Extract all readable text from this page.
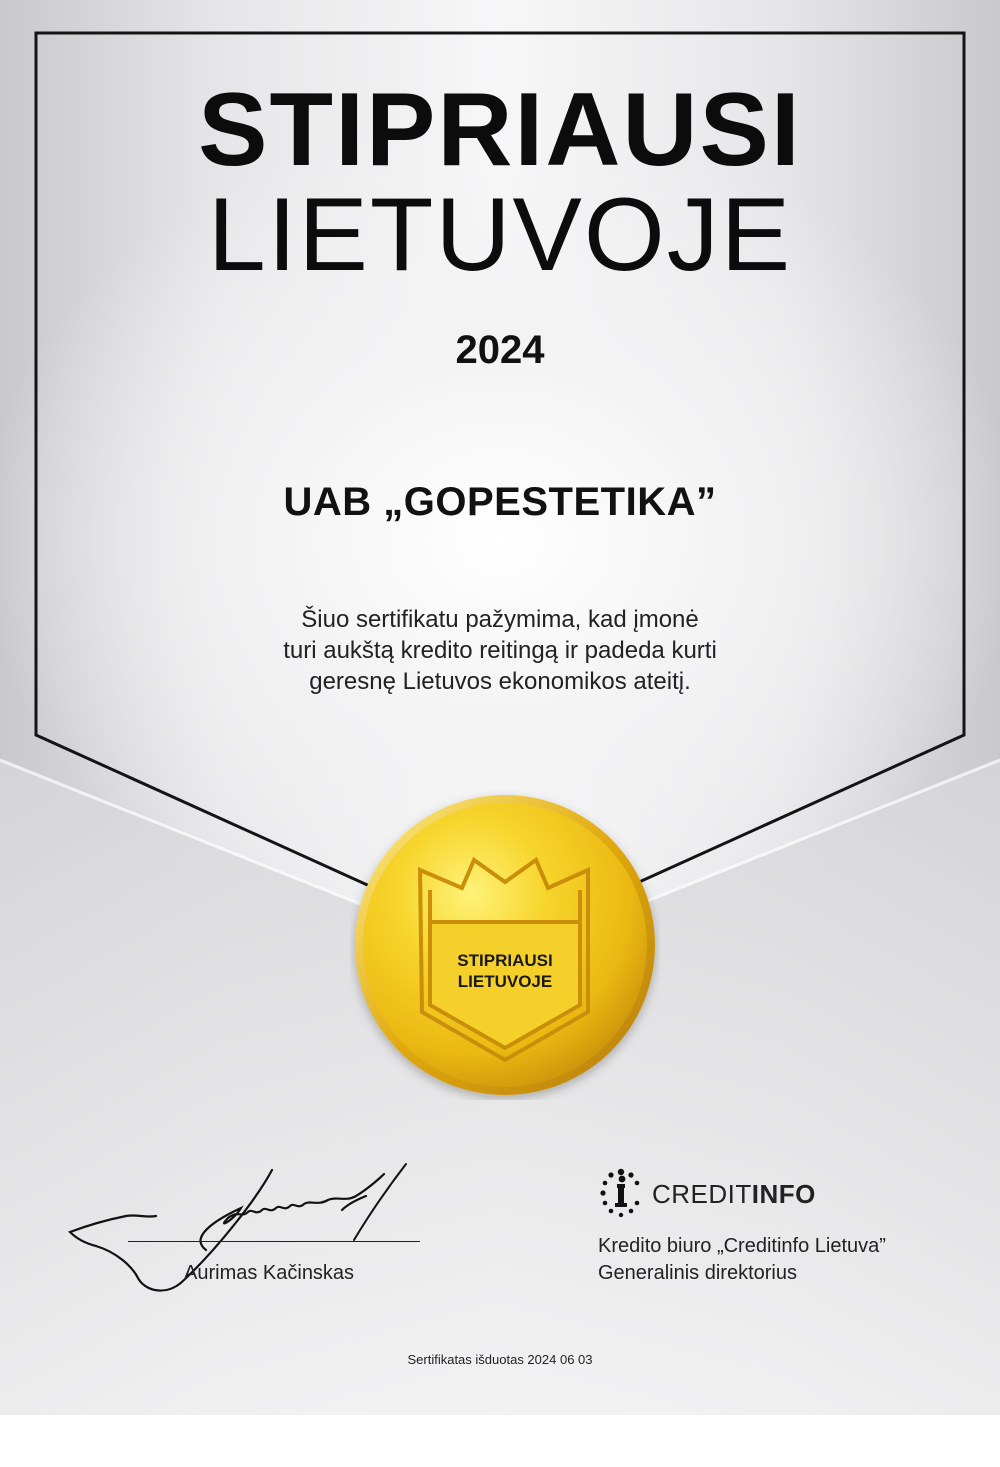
STIPRIAUSI
LIETUVOJE
2024
UAB „GOPESTETIKA”
Šiuo sertifikatu pažymima, kad įmonė
turi aukštą kredito reitingą ir padeda kurti
geresnę Lietuvos ekonomikos ateitį.
STIPRIAUSI
LIETUVOJE
Aurimas Kačinskas
CREDITINFO
Kredito biuro „Creditinfo Lietuva”
Generalinis direktorius
Sertifikatas išduotas 2024 06 03
